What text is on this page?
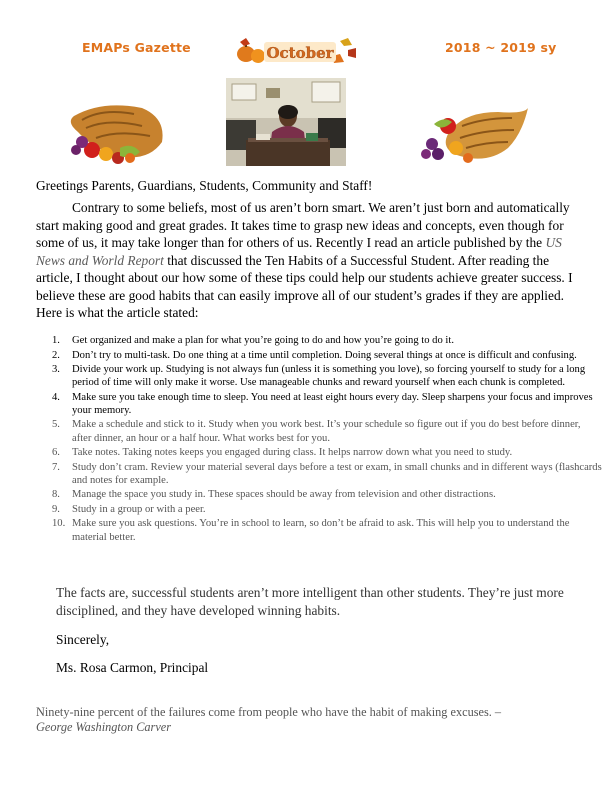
EMAPs Gazette	October	2018 ~ 2019 sy
Greetings Parents, Guardians, Students, Community and Staff!

Contrary to some beliefs, most of us aren’t born smart. We aren’t just born and automatically start making good and great grades. It takes time to grasp new ideas and concepts, even though for some of us, it may take longer than for others of us. Recently I read an article published by the US News and World Report that discussed the Ten Habits of a Successful Student. After reading the article, I thought about our how some of these tips could help our students achieve greater success. I believe these are good habits that can easily improve all of our student’s grades if they are applied. Here is what the article stated:

1. Get organized and make a plan for what you’re going to do and how you’re going to do it.
2. Don’t try to multi-task. Do one thing at a time until completion. Doing several things at once is difficult and confusing.
3. Divide your work up. Studying is not always fun (unless it is something you love), so forcing yourself to study for a long period of time will only make it worse. Use manageable chunks and reward yourself when each chunk is completed.
4. Make sure you take enough time to sleep. You need at least eight hours every day. Sleep sharpens your focus and improves your memory.
5. Make a schedule and stick to it. Study when you work best. It’s your schedule so figure out if you do best before dinner, after dinner, an hour or a half hour. What works best for you.
6. Take notes. Taking notes keeps you engaged during class. It helps narrow down what you need to study.
7. Study don’t cram. Review your material several days before a test or exam, in small chunks and in different ways (flashcards and notes for example.
8. Manage the space you study in. These spaces should be away from television and other distractions.
9. Study in a group or with a peer.
10. Make sure you ask questions. You’re in school to learn, so don’t be afraid to ask. This will help you to understand the material better.

The facts are, successful students aren’t more intelligent than other students. They’re just more disciplined, and they have developed winning habits.

Sincerely,
Ms. Rosa Carmon, Principal

Ninety-nine percent of the failures come from people who have the habit of making excuses. –
George Washington Carver
